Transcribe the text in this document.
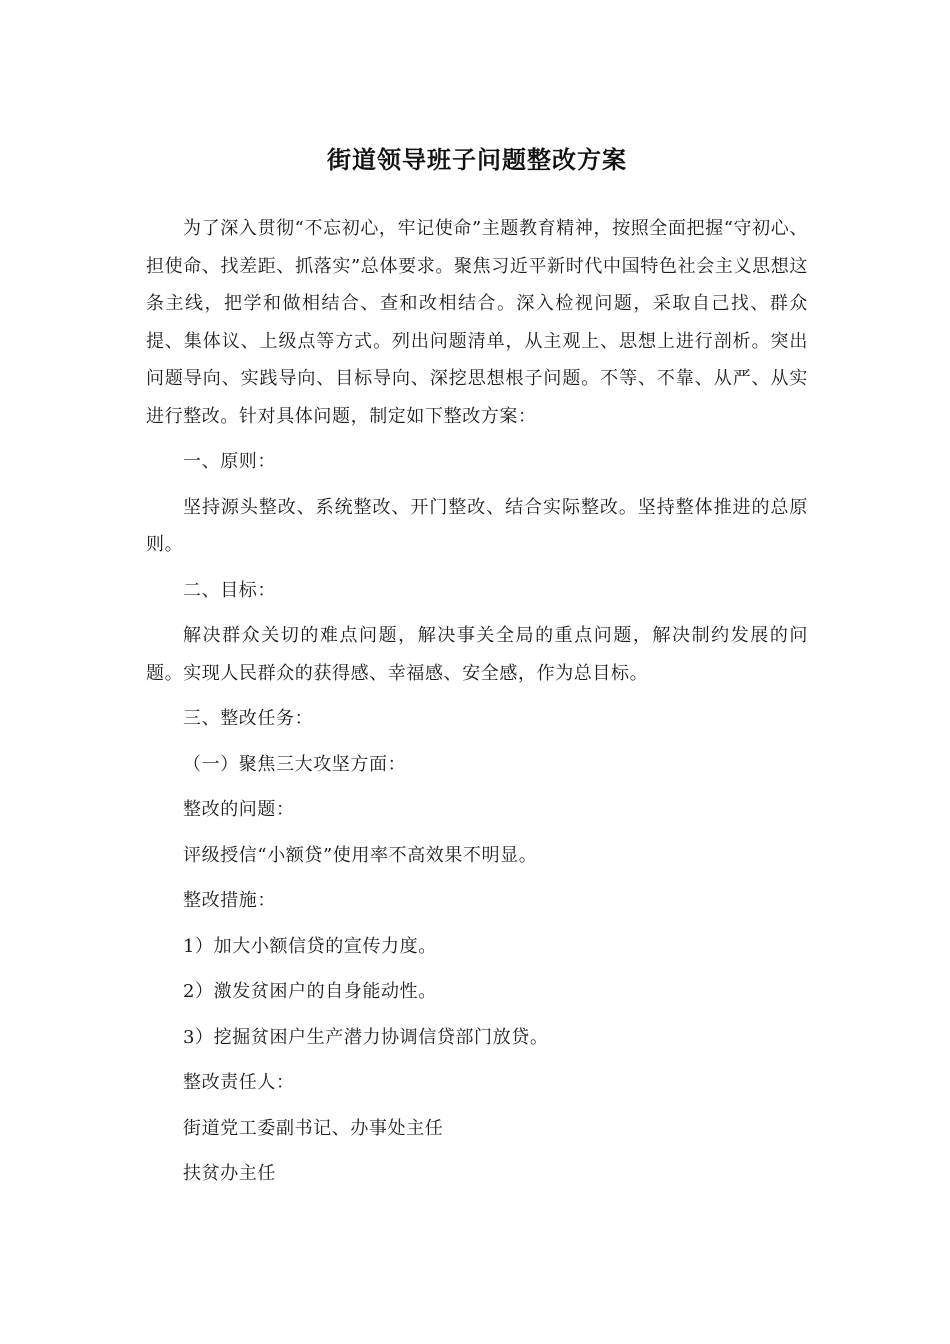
街道领导班子问题整改方案

为了深入贯彻“不忘初心，牢记使命”主题教育精神，按照全面把握“守初心、担使命、找差距、抓落实”总体要求。聚焦习近平新时代中国特色社会主义思想这条主线，把学和做相结合、查和改相结合。深入检视问题，采取自己找、群众提、集体议、上级点等方式。列出问题清单，从主观上、思想上进行剖析。突出问题导向、实践导向、目标导向、深挖思想根子问题。不等、不靠、从严、从实进行整改。针对具体问题，制定如下整改方案：

一、原则：

坚持源头整改、系统整改、开门整改、结合实际整改。坚持整体推进的总原则。

二、目标：

解决群众关切的难点问题，解决事关全局的重点问题，解决制约发展的问题。实现人民群众的获得感、幸福感、安全感，作为总目标。

三、整改任务：

（一）聚焦三大攻坚方面：

整改的问题：

评级授信“小额贷”使用率不高效果不明显。

整改措施：

1）加大小额信贷的宣传力度。

2）激发贫困户的自身能动性。

3）挖掘贫困户生产潜力协调信贷部门放贷。

整改责任人：

街道党工委副书记、办事处主任

扶贫办主任
